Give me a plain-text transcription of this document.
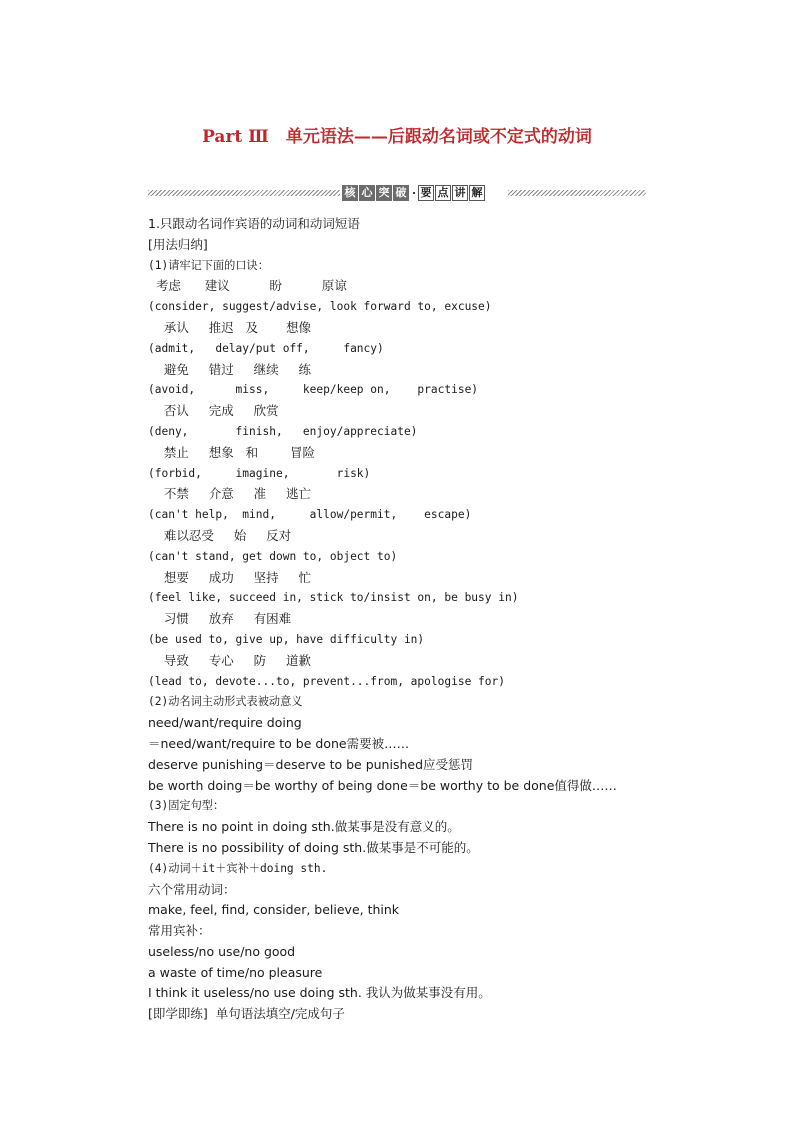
Part Ⅲ　单元语法——后跟动名词或不定式的动词
核 心 突 破 · 要 点 讲 解
1.只跟动名词作宾语的动词和动词短语
[用法归纳]
(1)请牢记下面的口诀：
考虑      建议          盼          原谅
(consider, suggest/advise, look forward to, excuse)
承认     推迟   及       想像
(admit,   delay/put off,     fancy)
避免     错过     继续     练
(avoid,      miss,     keep/keep on,    practise)
否认     完成     欣赏
(deny,       finish,   enjoy/appreciate)
禁止     想象   和        冒险
(forbid,     imagine,       risk)
不禁     介意     准     逃亡
(can't help,  mind,     allow/permit,    escape)
难以忍受     始     反对
(can't stand, get down to, object to)
想要     成功     坚持     忙
(feel like, succeed in, stick to/insist on, be busy in)
习惯     放弃     有困难
(be used to, give up, have difficulty in)
导致     专心     防     道歉
(lead to, devote...to, prevent...from, apologise for)
(2)动名词主动形式表被动意义
need/want/require doing
＝need/want/require to be done需要被……
deserve punishing＝deserve to be punished应受惩罚
be worth doing＝be worthy of being done＝be worthy to be done值得做……
(3)固定句型：
There is no point in doing sth.做某事是没有意义的。
There is no possibility of doing sth.做某事是不可能的。
(4)动词＋it＋宾补＋doing sth.
六个常用动词：
make, feel, find, consider, believe, think
常用宾补：
useless/no use/no good
a waste of time/no pleasure
I think it useless/no use doing sth. 我认为做某事没有用。
[即学即练]  单句语法填空/完成句子
